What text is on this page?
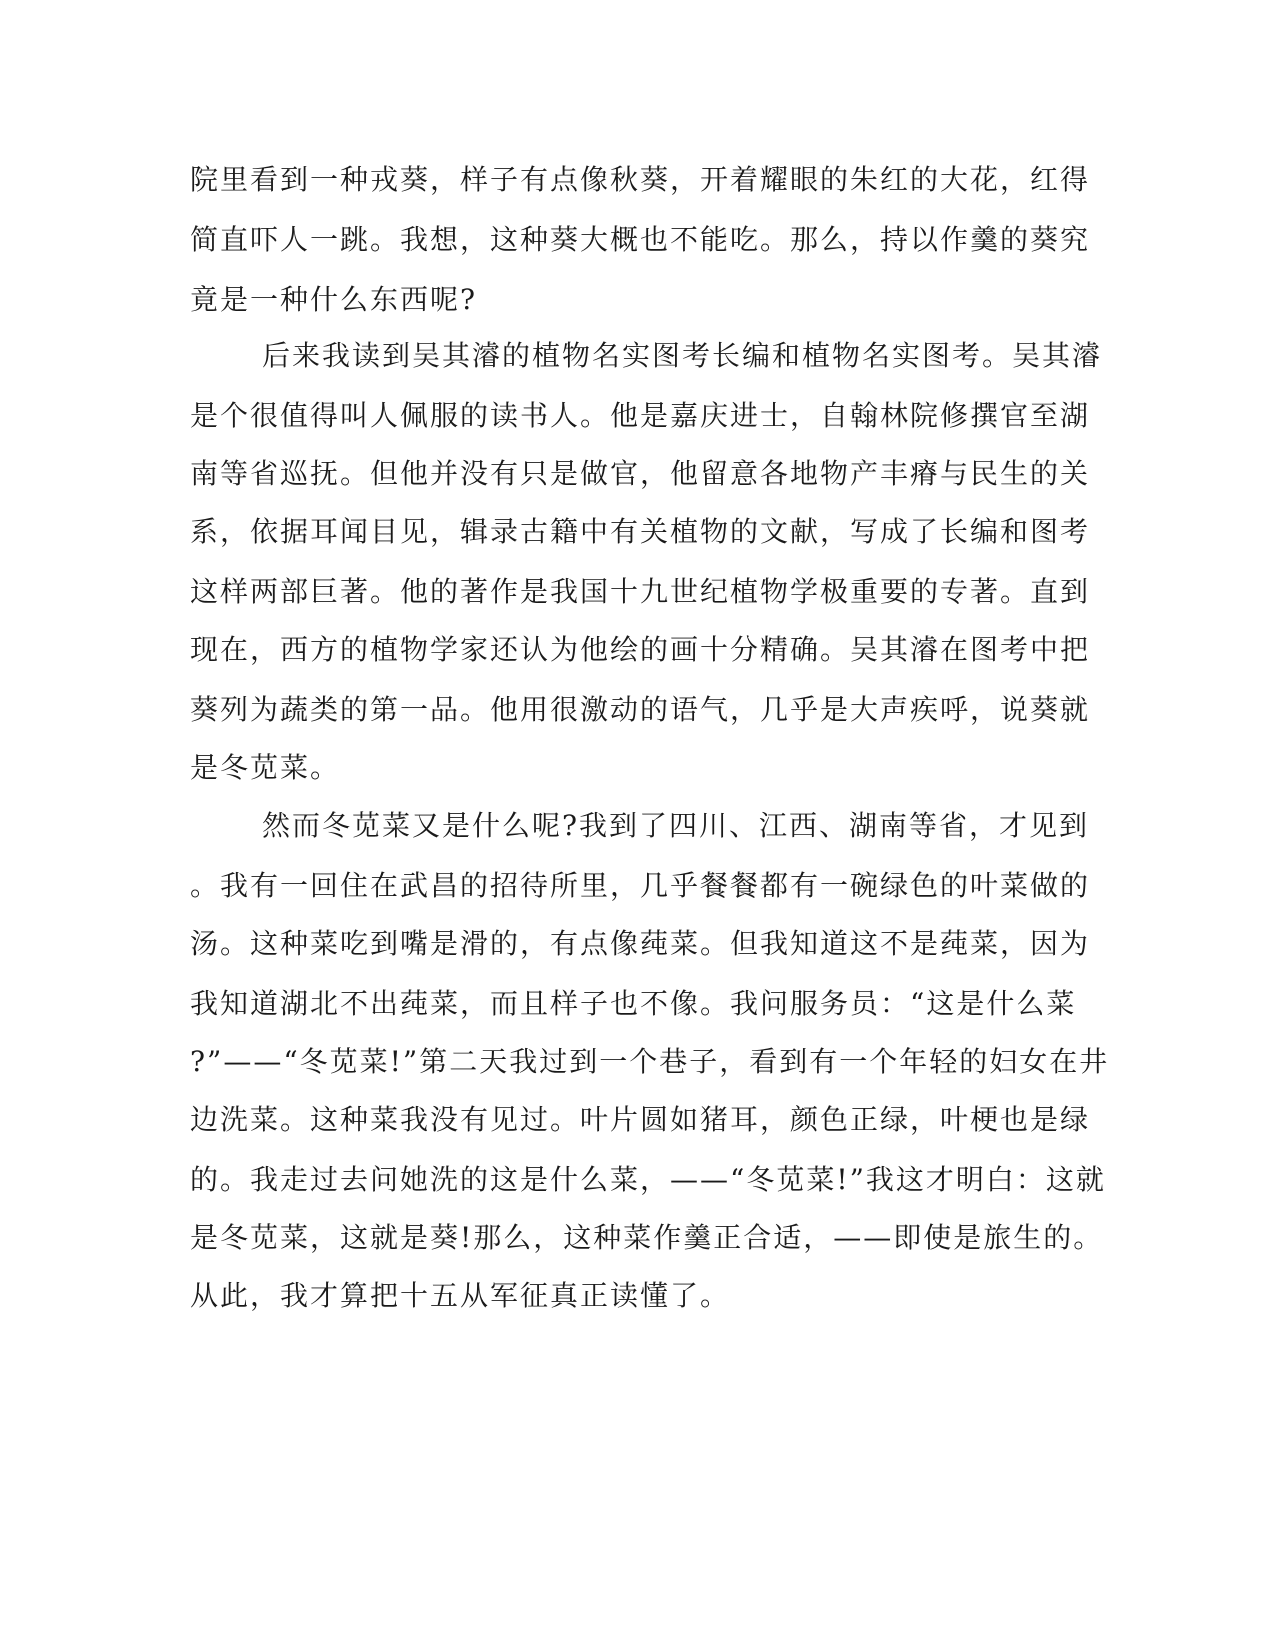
院里看到一种戎葵，样子有点像秋葵，开着耀眼的朱红的大花，红得
简直吓人一跳。我想，这种葵大概也不能吃。那么，持以作羹的葵究
竟是一种什么东西呢?
后来我读到吴其濬的植物名实图考长编和植物名实图考。吴其濬
是个很值得叫人佩服的读书人。他是嘉庆进士，自翰林院修撰官至湖
南等省巡抚。但他并没有只是做官，他留意各地物产丰瘠与民生的关
系，依据耳闻目见，辑录古籍中有关植物的文献，写成了长编和图考
这样两部巨著。他的著作是我国十九世纪植物学极重要的专著。直到
现在，西方的植物学家还认为他绘的画十分精确。吴其濬在图考中把
葵列为蔬类的第一品。他用很激动的语气，几乎是大声疾呼，说葵就
是冬苋菜。
然而冬苋菜又是什么呢?我到了四川、江西、湖南等省，才见到
。我有一回住在武昌的招待所里，几乎餐餐都有一碗绿色的叶菜做的
汤。这种菜吃到嘴是滑的，有点像莼菜。但我知道这不是莼菜，因为
我知道湖北不出莼菜，而且样子也不像。我问服务员：“这是什么菜
?”——“冬苋菜!”第二天我过到一个巷子，看到有一个年轻的妇女在井
边洗菜。这种菜我没有见过。叶片圆如猪耳，颜色正绿，叶梗也是绿
的。我走过去问她洗的这是什么菜，——“冬苋菜!”我这才明白：这就
是冬苋菜，这就是葵!那么，这种菜作羹正合适，——即使是旅生的。
从此，我才算把十五从军征真正读懂了。
